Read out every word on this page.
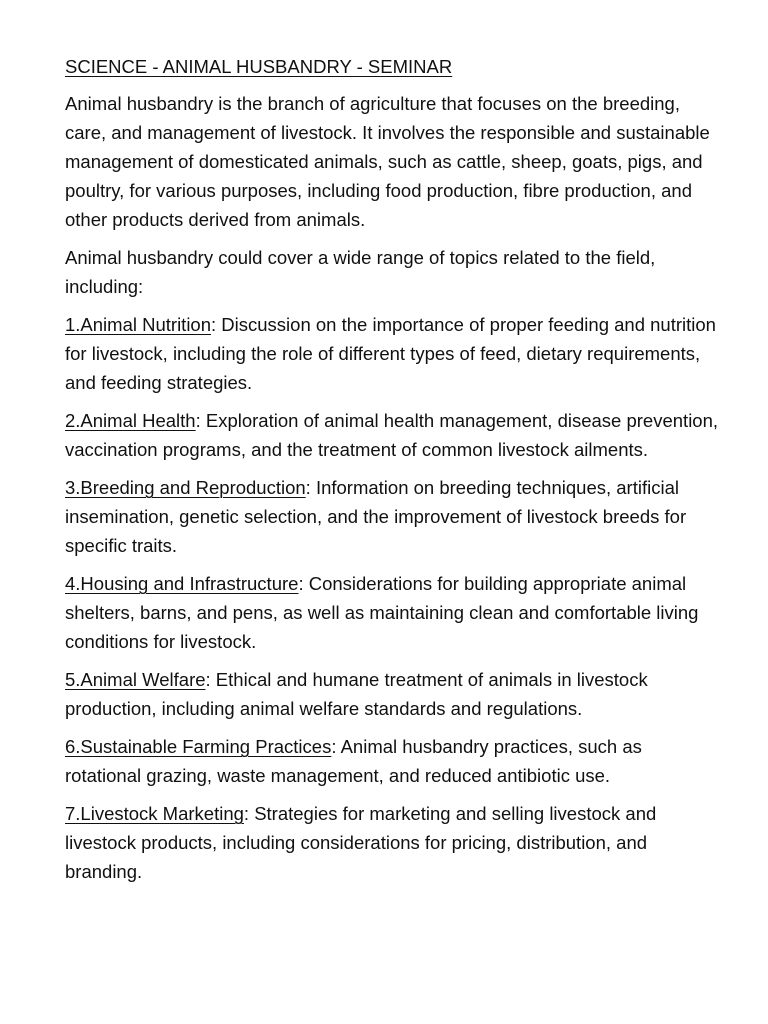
SCIENCE - ANIMAL HUSBANDRY - SEMINAR

Animal husbandry is the branch of agriculture that focuses on the breeding, care, and management of livestock. It involves the responsible and sustainable management of domesticated animals, such as cattle, sheep, goats, pigs, and poultry, for various purposes, including food production, fibre production, and other products derived from animals.

Animal husbandry could cover a wide range of topics related to the field, including:

1.Animal Nutrition: Discussion on the importance of proper feeding and nutrition for livestock, including the role of different types of feed, dietary requirements, and feeding strategies.
2.Animal Health: Exploration of animal health management, disease prevention, vaccination programs, and the treatment of common livestock ailments.
3.Breeding and Reproduction: Information on breeding techniques, artificial insemination, genetic selection, and the improvement of livestock breeds for specific traits.
4.Housing and Infrastructure: Considerations for building appropriate animal shelters, barns, and pens, as well as maintaining clean and comfortable living conditions for livestock.
5.Animal Welfare: Ethical and humane treatment of animals in livestock production, including animal welfare standards and regulations.
6.Sustainable Farming Practices: Animal husbandry practices, such as rotational grazing, waste management, and reduced antibiotic use.
7.Livestock Marketing: Strategies for marketing and selling livestock and livestock products, including considerations for pricing, distribution, and branding.
